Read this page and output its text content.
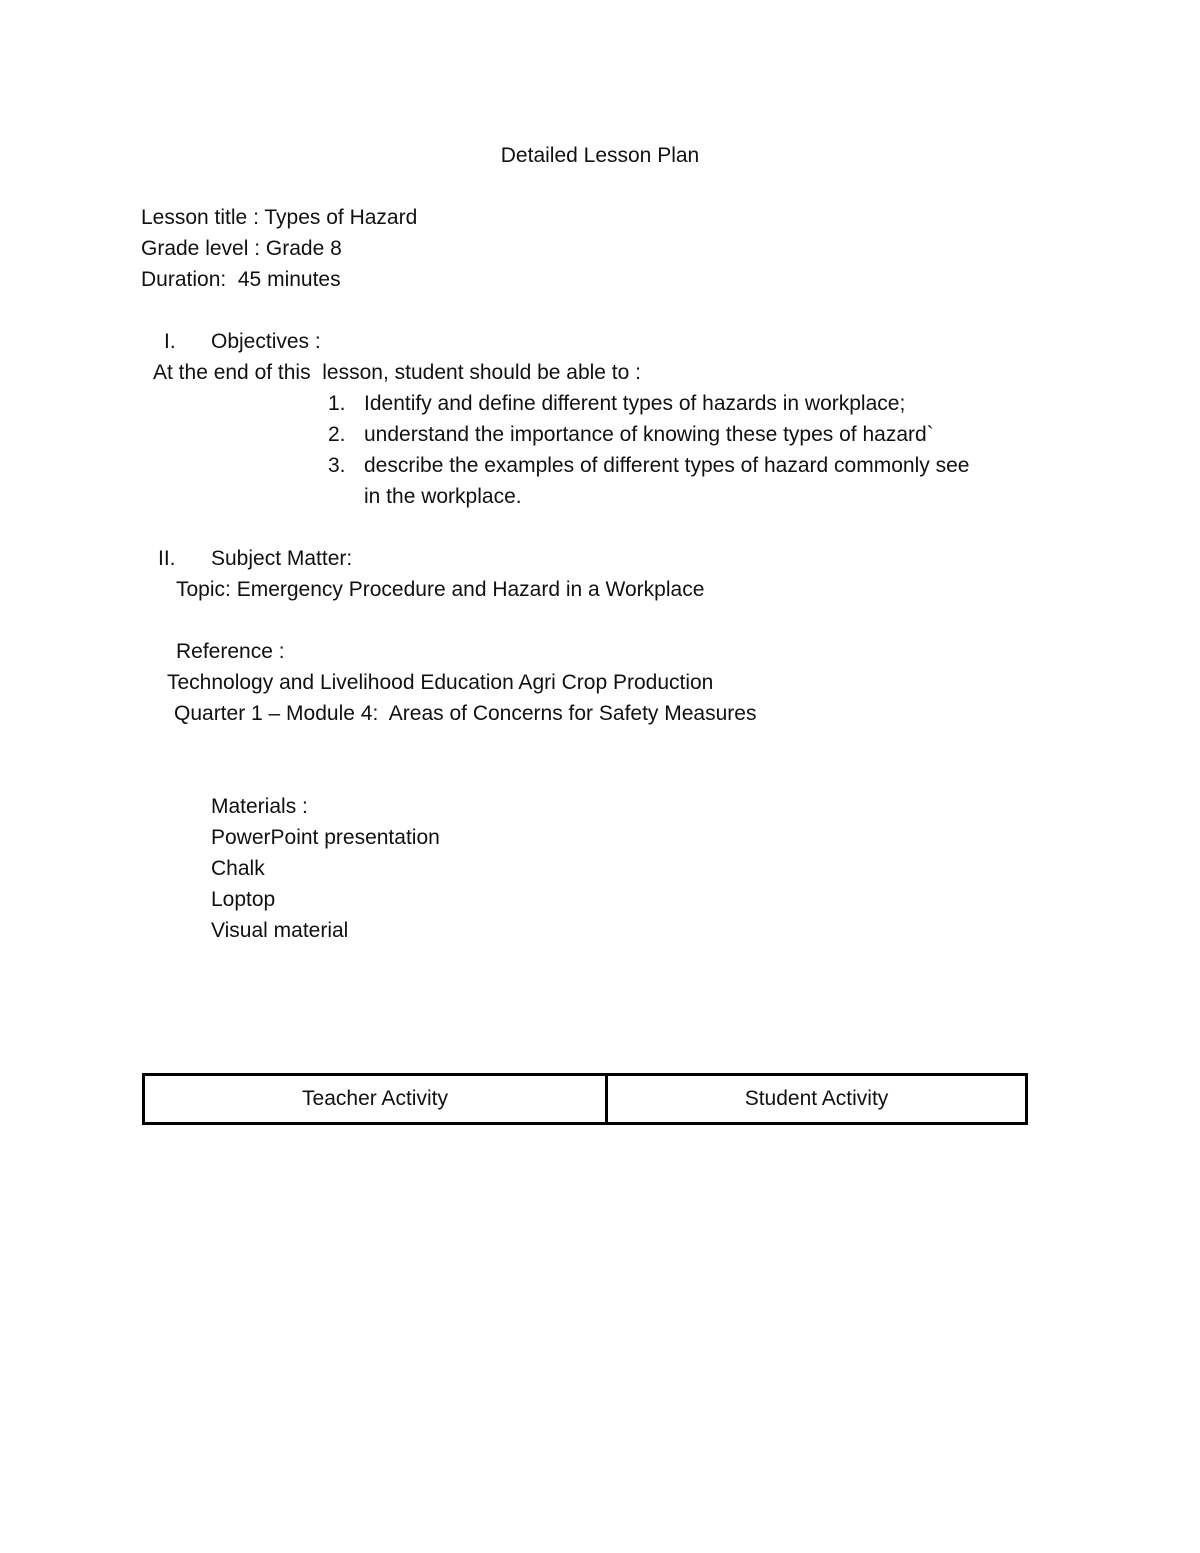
Detailed Lesson Plan
Lesson title : Types of Hazard
Grade level : Grade 8
Duration:  45 minutes
I. Objectives :
At the end of this  lesson, student should be able to :
1. Identify and define different types of hazards in workplace;
2. understand the importance of knowing these types of hazard`
3. describe the examples of different types of hazard commonly see
in the workplace.
II. Subject Matter:
Topic: Emergency Procedure and Hazard in a Workplace
Reference :
Technology and Livelihood Education Agri Crop Production
Quarter 1 – Module 4:  Areas of Concerns for Safety Measures
Materials :
PowerPoint presentation
Chalk
Loptop
Visual material
Teacher Activity	Student Activity
